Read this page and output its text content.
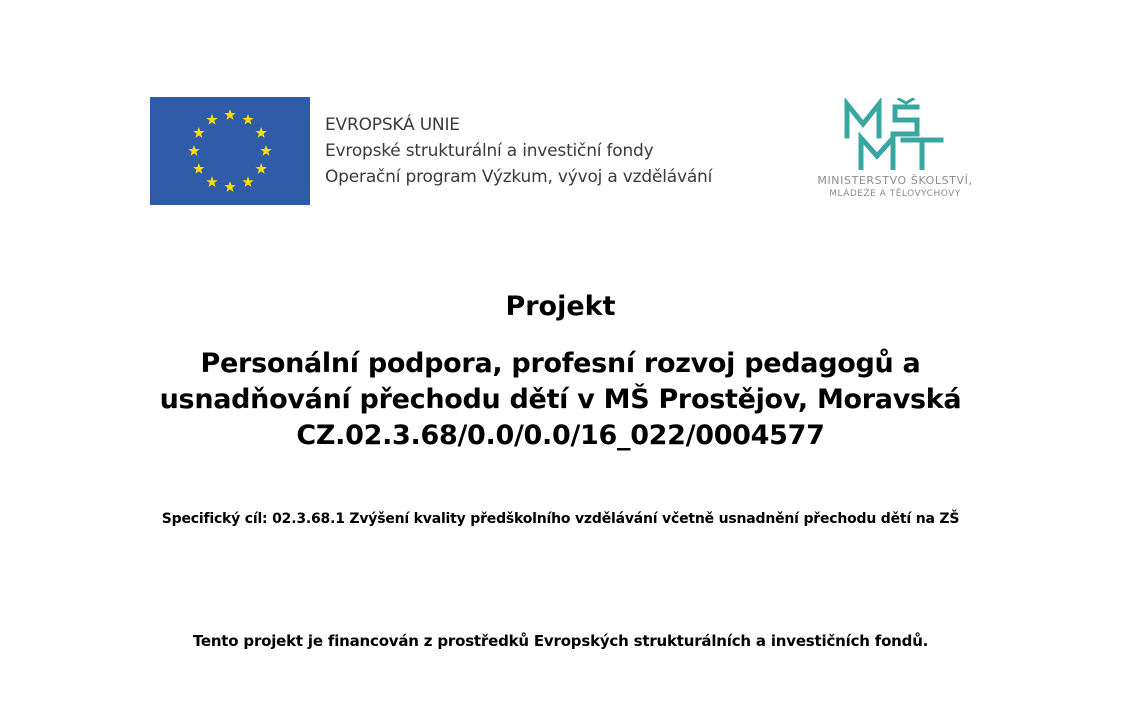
EVROPSKÁ UNIE
Evropské strukturální a investiční fondy
Operační program Výzkum, vývoj a vzdělávání	MINISTERSTVO ŠKOLSTVÍ,
MLÁDEŽE A TĚLOVÝCHOVY
Projekt
Personální podpora, profesní rozvoj pedagogů a
usnadňování přechodu dětí v MŠ Prostějov, Moravská
CZ.02.3.68/0.0/0.0/16_022/0004577
Specifický cíl: 02.3.68.1 Zvýšení kvality předškolního vzdělávání včetně usnadnění přechodu dětí na ZŠ
Tento projekt je financován z prostředků Evropských strukturálních a investičních fondů.
